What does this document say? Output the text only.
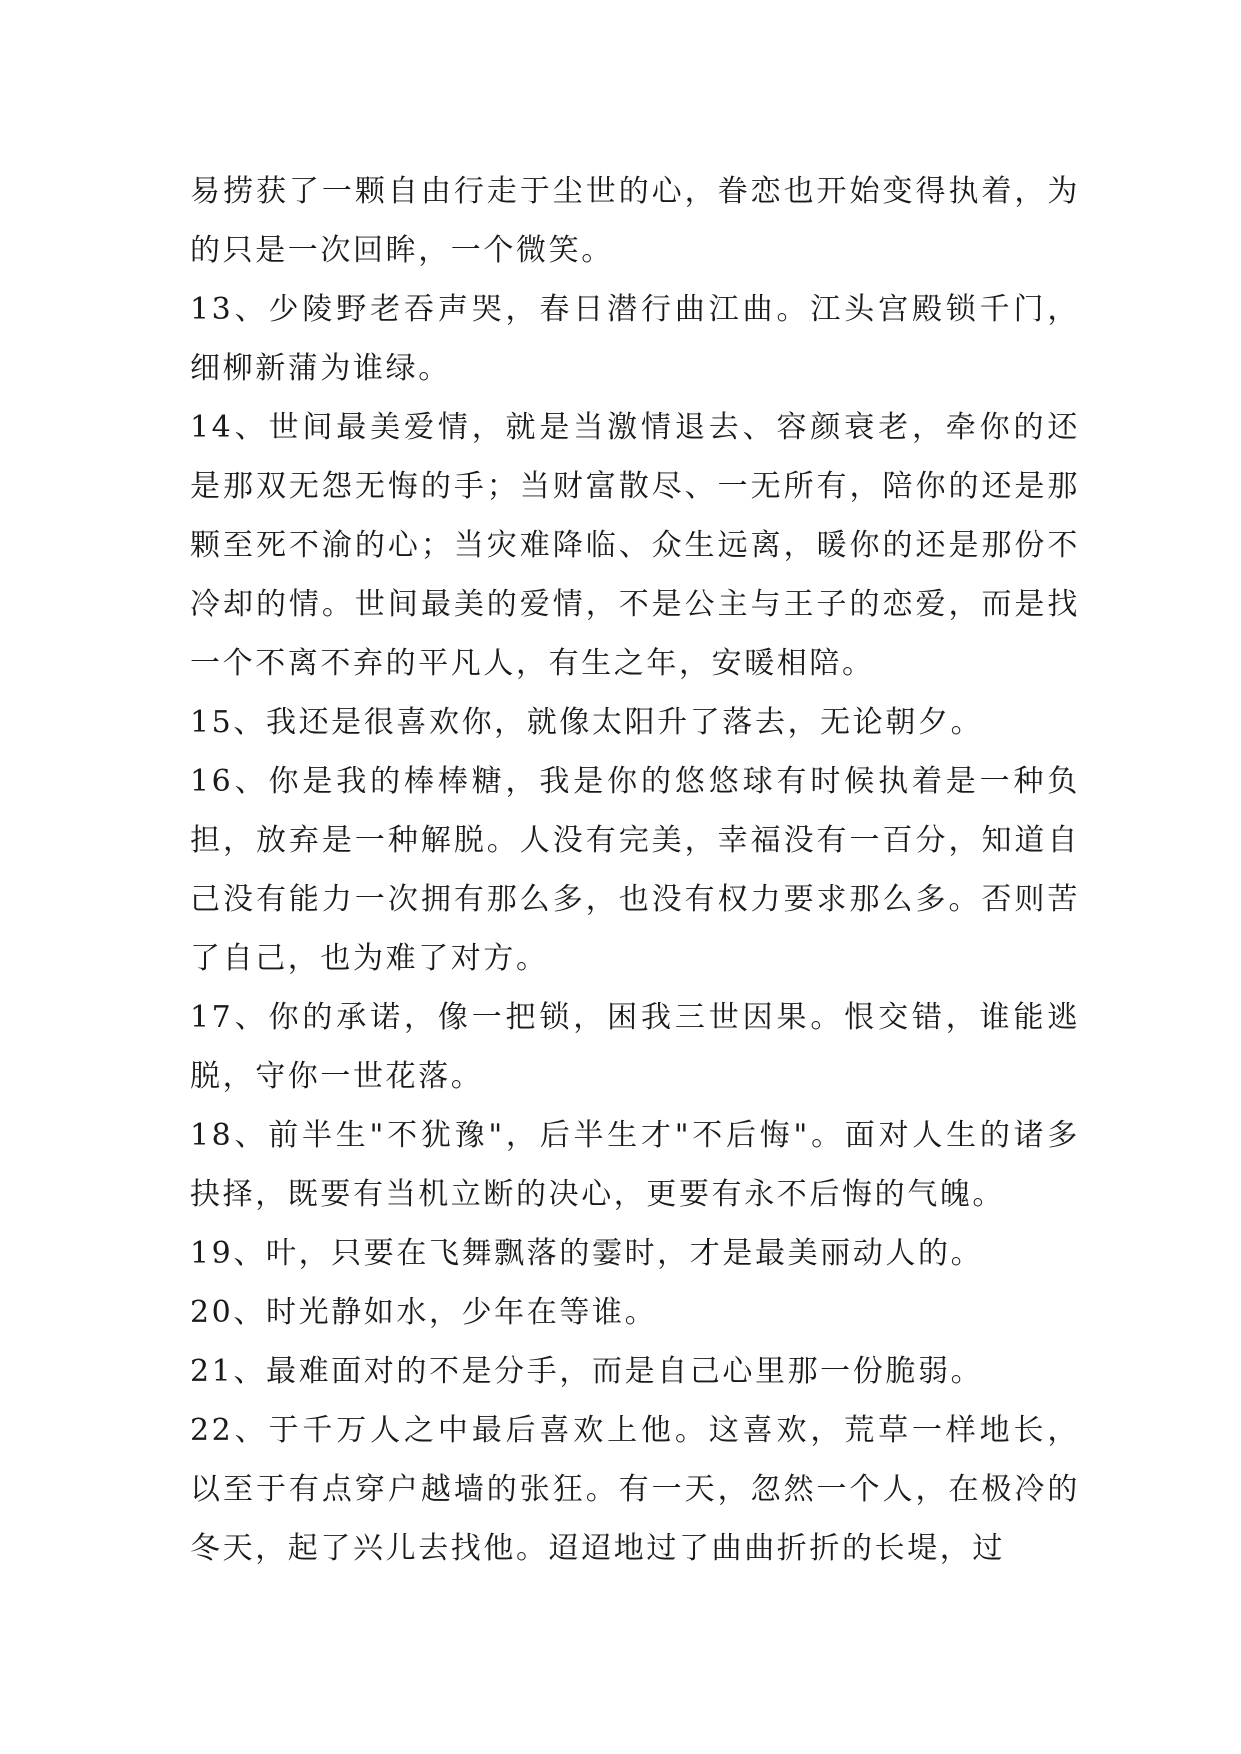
易捞获了一颗自由行走于尘世的心，眷恋也开始变得执着，为的只是一次回眸，一个微笑。

13、少陵野老吞声哭，春日潜行曲江曲。江头宫殿锁千门，细柳新蒲为谁绿。

14、世间最美爱情，就是当激情退去、容颜衰老，牵你的还是那双无怨无悔的手；当财富散尽、一无所有，陪你的还是那颗至死不渝的心；当灾难降临、众生远离，暖你的还是那份不冷却的情。世间最美的爱情，不是公主与王子的恋爱，而是找一个不离不弃的平凡人，有生之年，安暖相陪。

15、我还是很喜欢你，就像太阳升了落去，无论朝夕。

16、你是我的棒棒糖，我是你的悠悠球有时候执着是一种负担，放弃是一种解脱。人没有完美，幸福没有一百分，知道自己没有能力一次拥有那么多，也没有权力要求那么多。否则苦了自己，也为难了对方。

17、你的承诺，像一把锁，困我三世因果。恨交错，谁能逃脱，守你一世花落。

18、前半生"不犹豫"，后半生才"不后悔"。面对人生的诸多抉择，既要有当机立断的决心，更要有永不后悔的气魄。

19、叶，只要在飞舞飘落的霎时，才是最美丽动人的。

20、时光静如水，少年在等谁。

21、最难面对的不是分手，而是自己心里那一份脆弱。

22、于千万人之中最后喜欢上他。这喜欢，荒草一样地长，以至于有点穿户越墙的张狂。有一天，忽然一个人，在极冷的冬天，起了兴儿去找他。迢迢地过了曲曲折折的长堤，过
